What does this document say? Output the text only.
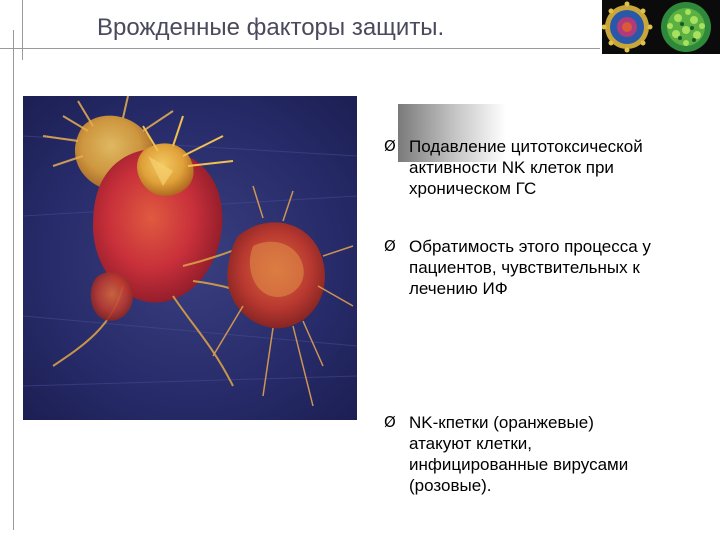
Врожденные факторы защиты.
Ø Подавление цитотоксической
активности NK клеток при
хроническом ГС
Ø Обратимость этого процесса у
пациентов, чувствительных к
лечению ИФ
Ø NK-кпетки (оранжевые)
атакуют клетки,
инфицированные вирусами
(розовые).
